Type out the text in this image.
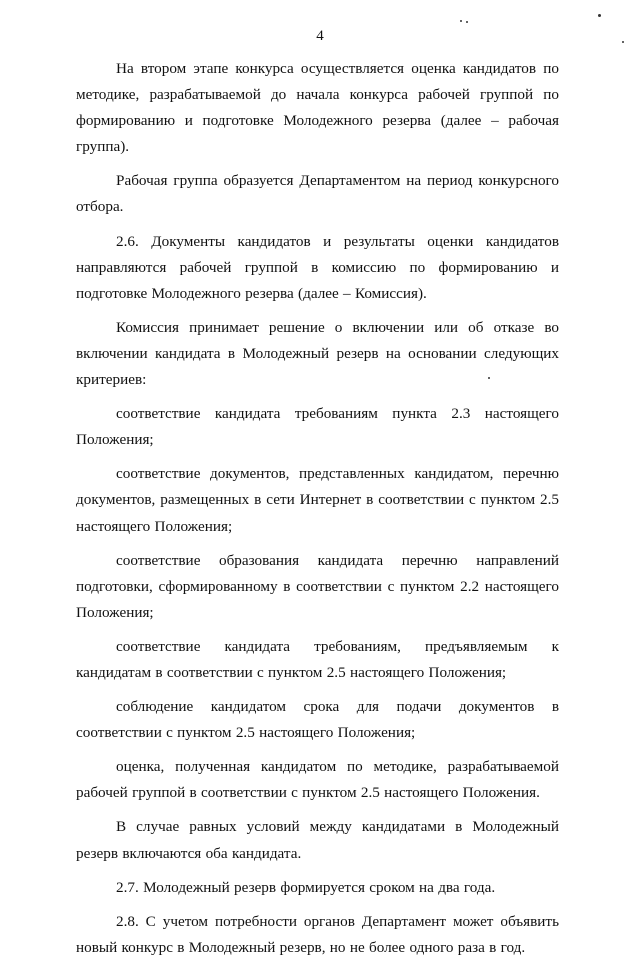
4

На втором этапе конкурса осуществляется оценка кандидатов по методике, разрабатываемой до начала конкурса рабочей группой по формированию и подготовке Молодежного резерва (далее – рабочая группа).

Рабочая группа образуется Департаментом на период конкурсного отбора.

2.6. Документы кандидатов и результаты оценки кандидатов направляются рабочей группой в комиссию по формированию и подготовке Молодежного резерва (далее – Комиссия).

Комиссия принимает решение о включении или об отказе во включении кандидата в Молодежный резерв на основании следующих критериев:

соответствие кандидата требованиям пункта 2.3 настоящего Положения;

соответствие документов, представленных кандидатом, перечню документов, размещенных в сети Интернет в соответствии с пунктом 2.5 настоящего Положения;

соответствие образования кандидата перечню направлений подготовки, сформированному в соответствии с пунктом 2.2 настоящего Положения;

соответствие кандидата требованиям, предъявляемым к кандидатам в соответствии с пунктом 2.5 настоящего Положения;

соблюдение кандидатом срока для подачи документов в соответствии с пунктом 2.5 настоящего Положения;

оценка, полученная кандидатом по методике, разрабатываемой рабочей группой в соответствии с пунктом 2.5 настоящего Положения.

В случае равных условий между кандидатами в Молодежный резерв включаются оба кандидата.

2.7. Молодежный резерв формируется сроком на два года.

2.8. С учетом потребности органов Департамент может объявить новый конкурс в Молодежный резерв, но не более одного раза в год.
